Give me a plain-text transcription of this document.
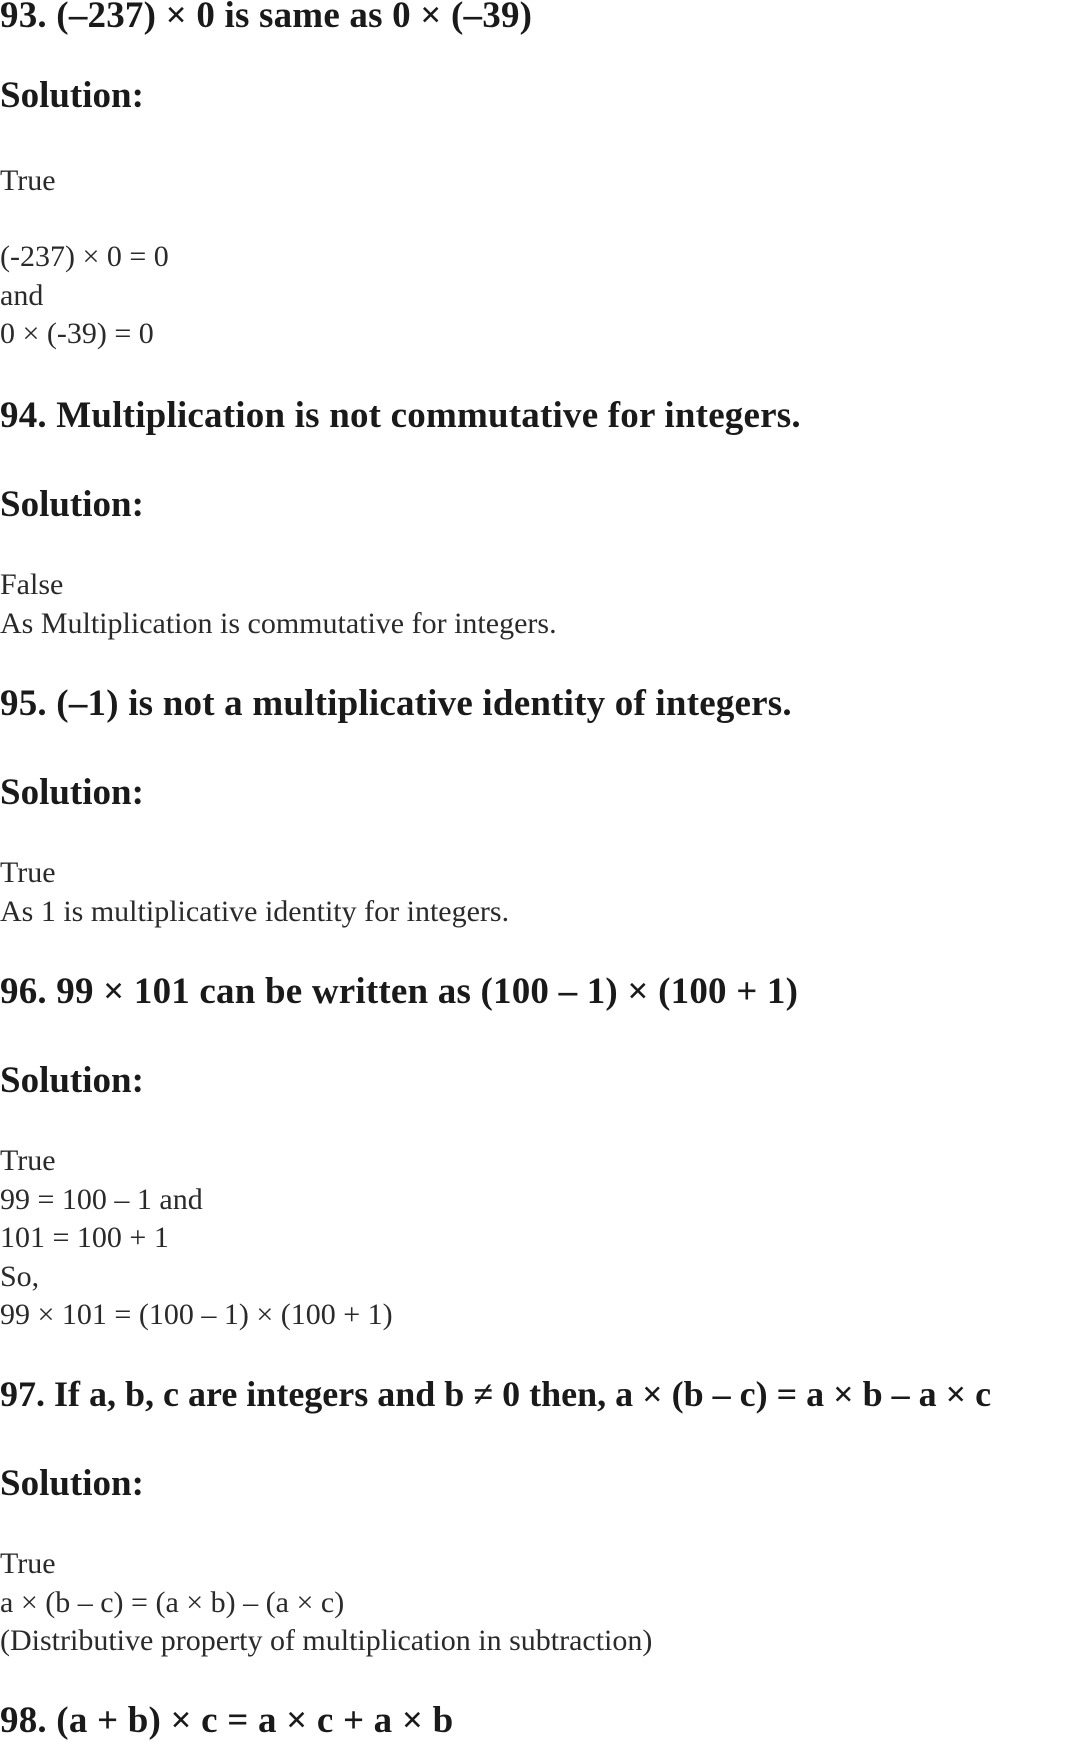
93. (–237) × 0 is same as 0 × (–39)
Solution:
True
(-237) × 0 = 0
and
0 × (-39) = 0
94. Multiplication is not commutative for integers.
Solution:
False
As Multiplication is commutative for integers.
95. (–1) is not a multiplicative identity of integers.
Solution:
True
As 1 is multiplicative identity for integers.
96. 99 × 101 can be written as (100 – 1) × (100 + 1)
Solution:
True
99 = 100 – 1 and
101 = 100 + 1
So,
99 × 101 = (100 – 1) × (100 + 1)
97. If a, b, c are integers and b ≠ 0 then, a × (b – c) = a × b – a × c
Solution:
True
a × (b – c) = (a × b) – (a × c)
(Distributive property of multiplication in subtraction)
98. (a + b) × c = a × c + a × b
